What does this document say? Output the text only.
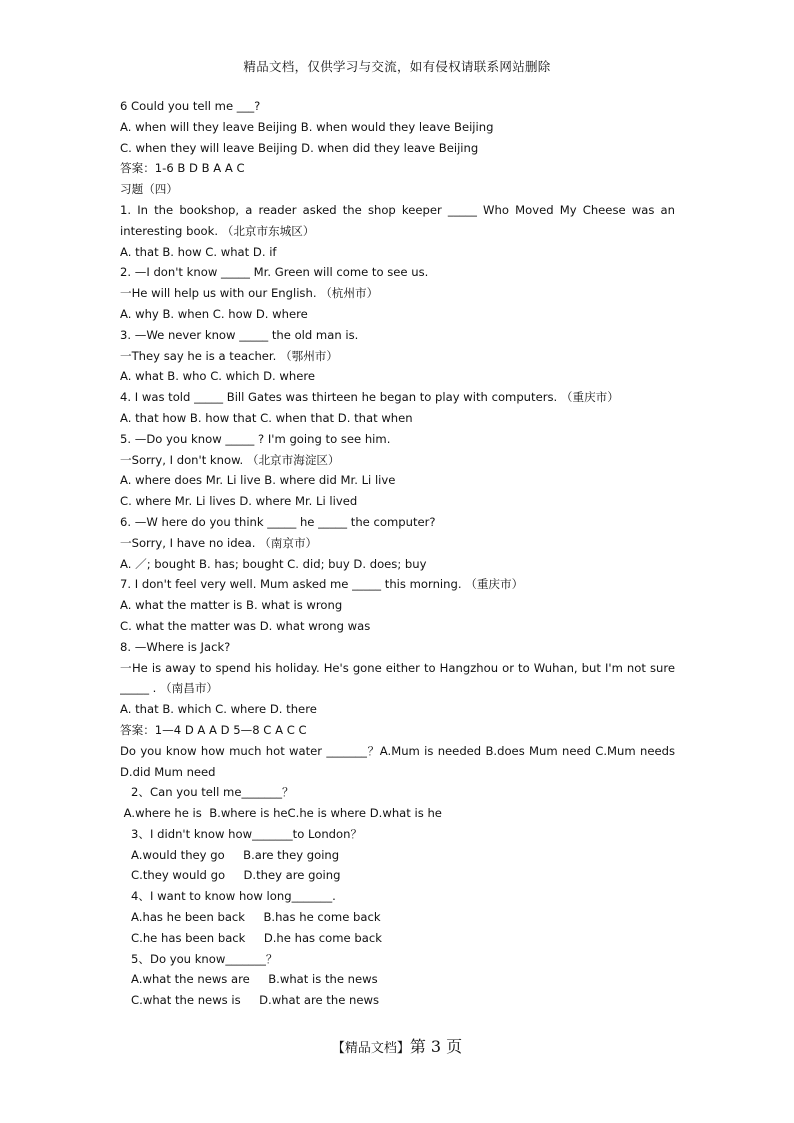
精品文档，仅供学习与交流，如有侵权请联系网站删除
6 Could you tell me ___?
A. when will they leave Beijing B. when would they leave Beijing
C. when they will leave Beijing D. when did they leave Beijing
答案：1-6 B D B A A C
习题（四）
1. In the bookshop, a reader asked the shop keeper _____ Who Moved My Cheese was an interesting book. （北京市东城区）
A. that B. how C. what D. if
2. —I don't know _____ Mr. Green will come to see us.
一He will help us with our English. （杭州市）
A. why B. when C. how D. where
3. —We never know _____ the old man is.
一They say he is a teacher. （鄂州市）
A. what B. who C. which D. where
4. I was told _____ Bill Gates was thirteen he began to play with computers. （重庆市）
A. that how B. how that C. when that D. that when
5. —Do you know _____ ? I'm going to see him.
一Sorry, I don't know. （北京市海淀区）
A. where does Mr. Li live B. where did Mr. Li live
C. where Mr. Li lives D. where Mr. Li lived
6. —W here do you think _____ he _____ the computer?
一Sorry, I have no idea. （南京市）
A. ／; bought B. has; bought C. did; buy D. does; buy
7. I don't feel very well. Mum asked me _____ this morning. （重庆市）
A. what the matter is B. what is wrong
C. what the matter was D. what wrong was
8. —Where is Jack?
一He is away to spend his holiday. He's gone either to Hangzhou or to Wuhan, but I'm not sure _____ . （南昌市）
A. that B. which C. where D. there
答案：1—4 D A A D 5—8 C A C C
Do you know how much hot water _______？A.Mum is needed B.does Mum need C.Mum needs D.did Mum need
2、Can you tell me_______？
A.where he is  B.where is heC.he is where D.what is he
3、I didn't know how_______to London？
A.would they go     B.are they going
C.they would go     D.they are going
4、I want to know how long_______.
A.has he been back     B.has he come back
C.he has been back     D.he has come back
5、Do you know_______？
A.what the news are     B.what is the news
C.what the news is     D.what are the news
【精品文档】第 3 页
